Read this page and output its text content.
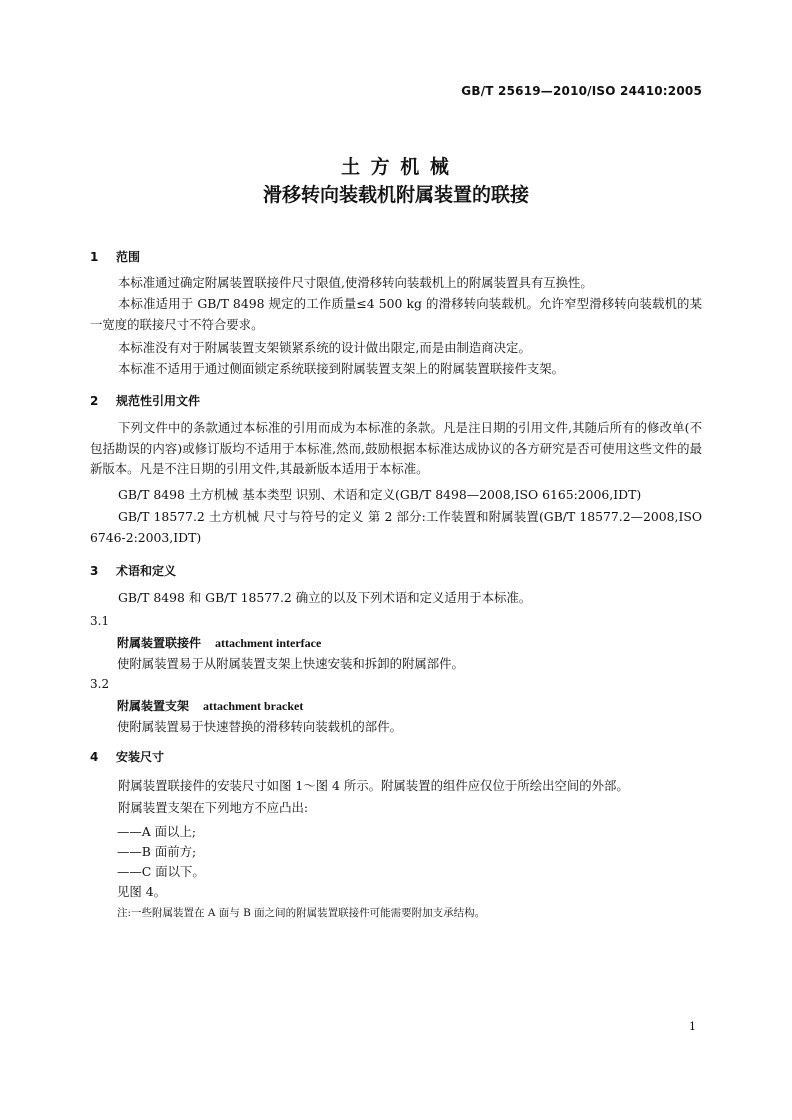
GB/T 25619—2010/ISO 24410:2005
土 方 机 械
滑移转向装载机附属装置的联接
1 范围
本标准通过确定附属装置联接件尺寸限值,使滑移转向装载机上的附属装置具有互换性。
本标准适用于 GB/T 8498 规定的工作质量≤4 500 kg 的滑移转向装载机。允许窄型滑移转向装载机的某一宽度的联接尺寸不符合要求。
本标准没有对于附属装置支架锁紧系统的设计做出限定,而是由制造商决定。
本标准不适用于通过侧面锁定系统联接到附属装置支架上的附属装置联接件支架。
2 规范性引用文件
下列文件中的条款通过本标准的引用而成为本标准的条款。凡是注日期的引用文件,其随后所有的修改单(不包括勘误的内容)或修订版均不适用于本标准,然而,鼓励根据本标准达成协议的各方研究是否可使用这些文件的最新版本。凡是不注日期的引用文件,其最新版本适用于本标准。
GB/T 8498 土方机械 基本类型 识别、术语和定义(GB/T 8498—2008,ISO 6165:2006,IDT)
GB/T 18577.2 土方机械 尺寸与符号的定义 第 2 部分:工作装置和附属装置(GB/T 18577.2—2008,ISO 6746-2:2003,IDT)
3 术语和定义
GB/T 8498 和 GB/T 18577.2 确立的以及下列术语和定义适用于本标准。
3.1
附属装置联接件 attachment interface
使附属装置易于从附属装置支架上快速安装和拆卸的附属部件。
3.2
附属装置支架 attachment bracket
使附属装置易于快速替换的滑移转向装载机的部件。
4 安装尺寸
附属装置联接件的安装尺寸如图 1～图 4 所示。附属装置的组件应仅位于所绘出空间的外部。
附属装置支架在下列地方不应凸出:
——A 面以上;
——B 面前方;
——C 面以下。
见图 4。
注:一些附属装置在 A 面与 B 面之间的附属装置联接件可能需要附加支承结构。
1
